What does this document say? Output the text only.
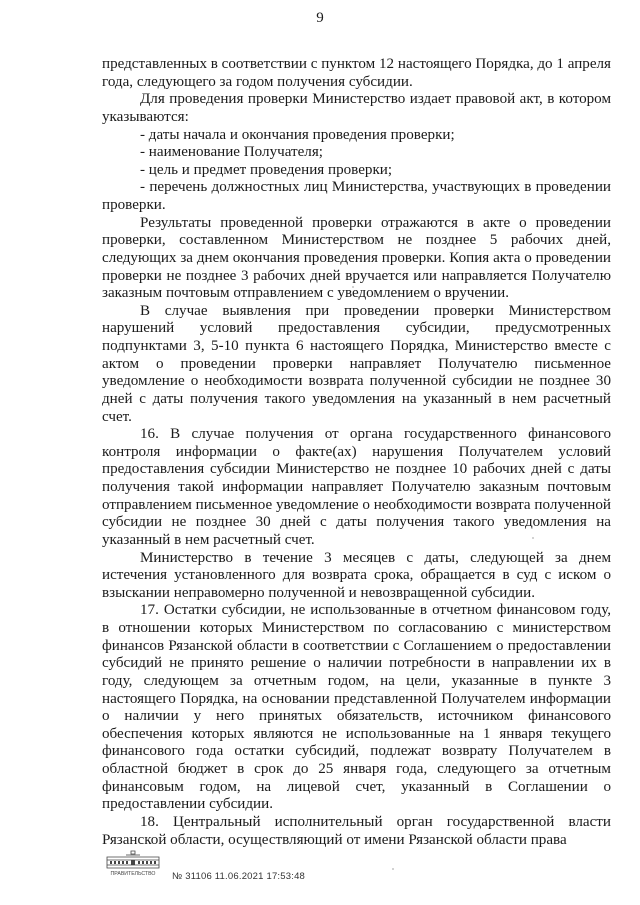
9

представленных в соответствии с пунктом 12 настоящего Порядка, до 1 апреля года, следующего за годом получения субсидии.

Для проведения проверки Министерство издает правовой акт, в котором указываются:

- даты начала и окончания проведения проверки;

- наименование Получателя;

- цель и предмет проведения проверки;

- перечень должностных лиц Министерства, участвующих в проведении проверки.

Результаты проведенной проверки отражаются в акте о проведении проверки, составленном Министерством не позднее 5 рабочих дней, следующих за днем окончания проведения проверки. Копия акта о проведении проверки не позднее 3 рабочих дней вручается или направляется Получателю заказным почтовым отправлением с уведомлением о вручении.

В случае выявления при проведении проверки Министерством нарушений условий предоставления субсидии, предусмотренных подпунктами 3, 5-10 пункта 6 настоящего Порядка, Министерство вместе с актом о проведении проверки направляет Получателю письменное уведомление о необходимости возврата полученной субсидии не позднее 30 дней с даты получения такого уведомления на указанный в нем расчетный счет.

16. В случае получения от органа государственного финансового контроля информации о факте(ах) нарушения Получателем условий предоставления субсидии Министерство не позднее 10 рабочих дней с даты получения такой информации направляет Получателю заказным почтовым отправлением письменное уведомление о необходимости возврата полученной субсидии не позднее 30 дней с даты получения такого уведомления на указанный в нем расчетный счет.

Министерство в течение 3 месяцев с даты, следующей за днем истечения установленного для возврата срока, обращается в суд с иском о взыскании неправомерно полученной и невозвращенной субсидии.

17. Остатки субсидии, не использованные в отчетном финансовом году, в отношении которых Министерством по согласованию с министерством финансов Рязанской области в соответствии с Соглашением о предоставлении субсидий не принято решение о наличии потребности в направлении их в году, следующем за отчетным годом, на цели, указанные в пункте 3 настоящего Порядка, на основании представленной Получателем информации о наличии у него принятых обязательств, источником финансового обеспечения которых являются не использованные на 1 января текущего финансового года остатки субсидий, подлежат возврату Получателем в областной бюджет в срок до 25 января года, следующего за отчетным финансовым годом, на лицевой счет, указанный в Соглашении о предоставлении субсидии.

18. Центральный исполнительный орган государственной власти Рязанской области, осуществляющий от имени Рязанской области права

ПРАВИТЕЛЬСТВО № 31106 11.06.2021 17:53:48
